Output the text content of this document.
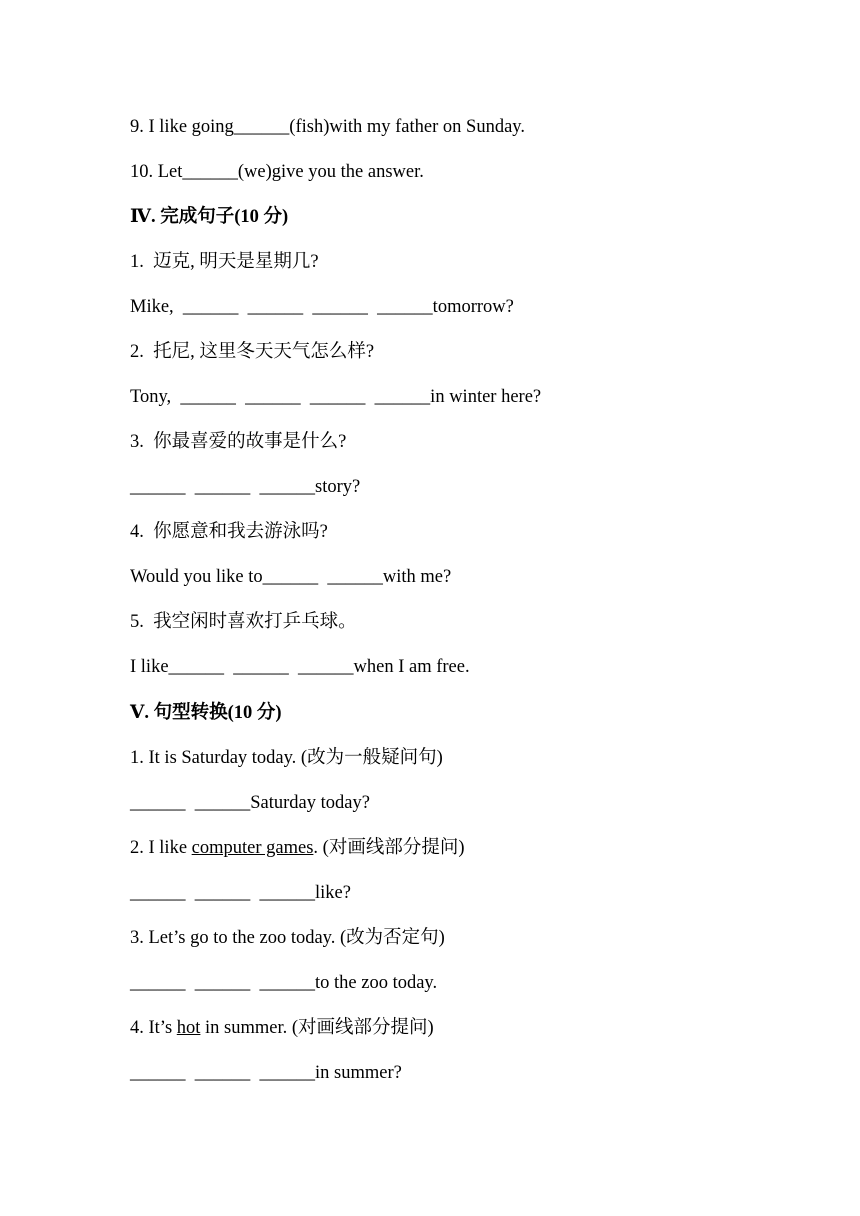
9. I like going______(fish)with my father on Sunday.
10. Let______(we)give you the answer.
Ⅳ. 完成句子(10 分)
1.  迈克, 明天是星期几?
Mike,  ______  ______  ______  ______tomorrow?
2.  托尼, 这里冬天天气怎么样?
Tony,  ______  ______  ______  ______in winter here?
3.  你最喜爱的故事是什么?
______  ______  ______story?
4.  你愿意和我去游泳吗?
Would you like to______  ______with me?
5.  我空闲时喜欢打乒乓球。
I like______  ______  ______when I am free.
Ⅴ. 句型转换(10 分)
1. It is Saturday today. (改为一般疑问句)
______  ______Saturday today?
2. I like computer games. (对画线部分提问)
______  ______  ______like?
3. Let’s go to the zoo today. (改为否定句)
______  ______  ______to the zoo today.
4. It’s hot in summer. (对画线部分提问)
______  ______  ______in summer?
